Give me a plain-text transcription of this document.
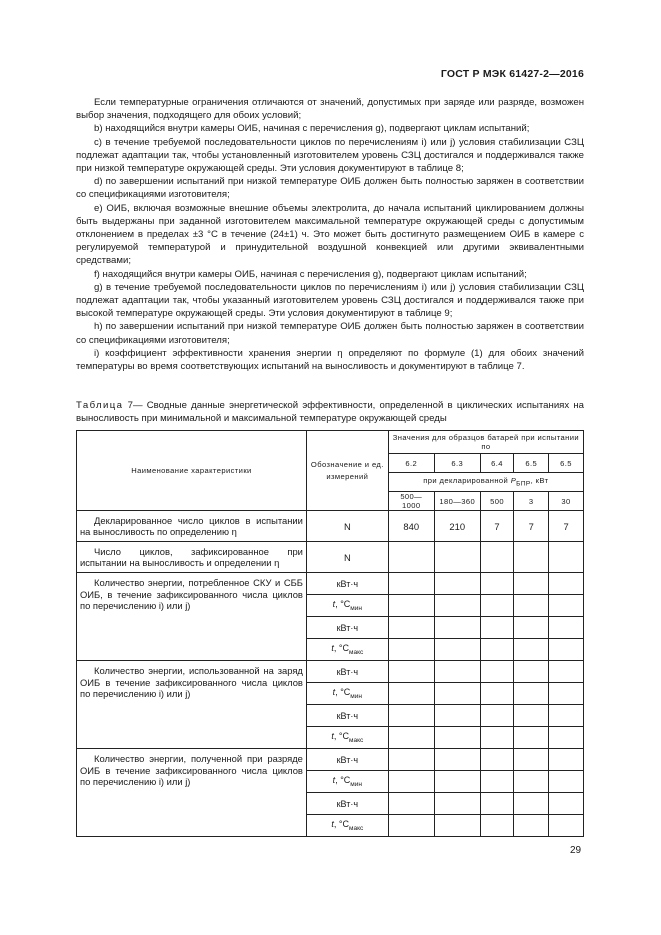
ГОСТ Р МЭК 61427-2—2016

Если температурные ограничения отличаются от значений, допустимых при заряде или разряде, возможен выбор значения, подходящего для обоих условий;

b) находящийся внутри камеры ОИБ, начиная с перечисления g), подвергают циклам испытаний;

c) в течение требуемой последовательности циклов по перечислениям i) или j) условия стабилизации СЗЦ подлежат адаптации так, чтобы установленный изготовителем уровень СЗЦ достигался и поддерживался также при низкой температуре окружающей среды. Эти условия документируют в таблице 8;

d) по завершении испытаний при низкой температуре ОИБ должен быть полностью заряжен в соответствии со спецификациями изготовителя;

e) ОИБ, включая возможные внешние объемы электролита, до начала испытаний циклированием должны быть выдержаны при заданной изготовителем максимальной температуре окружающей среды с допустимым отклонением в пределах ±3 °С в течение (24±1) ч. Это может быть достигнуто размещением ОИБ в камере с регулируемой температурой и принудительной воздушной конвекцией или другими эквивалентными средствами;

f) находящийся внутри камеры ОИБ, начиная с перечисления g), подвергают циклам испытаний;

g) в течение требуемой последовательности циклов по перечислениям i) или j) условия стабилизации СЗЦ подлежат адаптации так, чтобы указанный изготовителем уровень СЗЦ достигался и поддерживался также при высокой температуре окружающей среды. Эти условия документируют в таблице 9;

h) по завершении испытаний при низкой температуре ОИБ должен быть полностью заряжен в соответствии со спецификациями изготовителя;

i) коэффициент эффективности хранения энергии η определяют по формуле (1) для обоих значений температуры во время соответствующих испытаний на выносливость и документируют в таблице 7.

Таблица 7— Сводные данные энергетической эффективности, определенной в циклических испытаниях на выносливость при минимальной и максимальной температуре окружающей среды
Наименование характеристики	Обозначение и ед. измерений	Значения для образцов батарей при испытании по				
		6.2	6.3	6.4	6.5	6.5
		при декларированной $P_{БПР}$, кВт				
		500—1000	180—360	500	3	30
Декларированное число циклов в испытании на выносливость по определению η	N	840	210	7	7	7
Число циклов, зафиксированное при испытании на выносливость и определении η	N					
Количество энергии, потребленное СКУ и СББ ОИБ, в течение зафиксированного числа циклов по перечислению i) или j)	кВт·ч					
	t, $^\circ С_{мин}$					
	кВт·ч					
	t, $^\circ С_{макс}$					
Количество энергии, использованной на заряд ОИБ в течение зафиксированного числа циклов по перечислению i) или j)	кВт·ч					
	t, $^\circ С_{мин}$					
	кВт·ч					
	t, $^\circ С_{макс}$					
Количество энергии, полученной при разряде ОИБ в течение зафиксированного числа циклов по перечислению i) или j)	кВт·ч					
	t, $^\circ С_{мин}$					
	кВт·ч					
	t, $^\circ С_{макс}$					
29
